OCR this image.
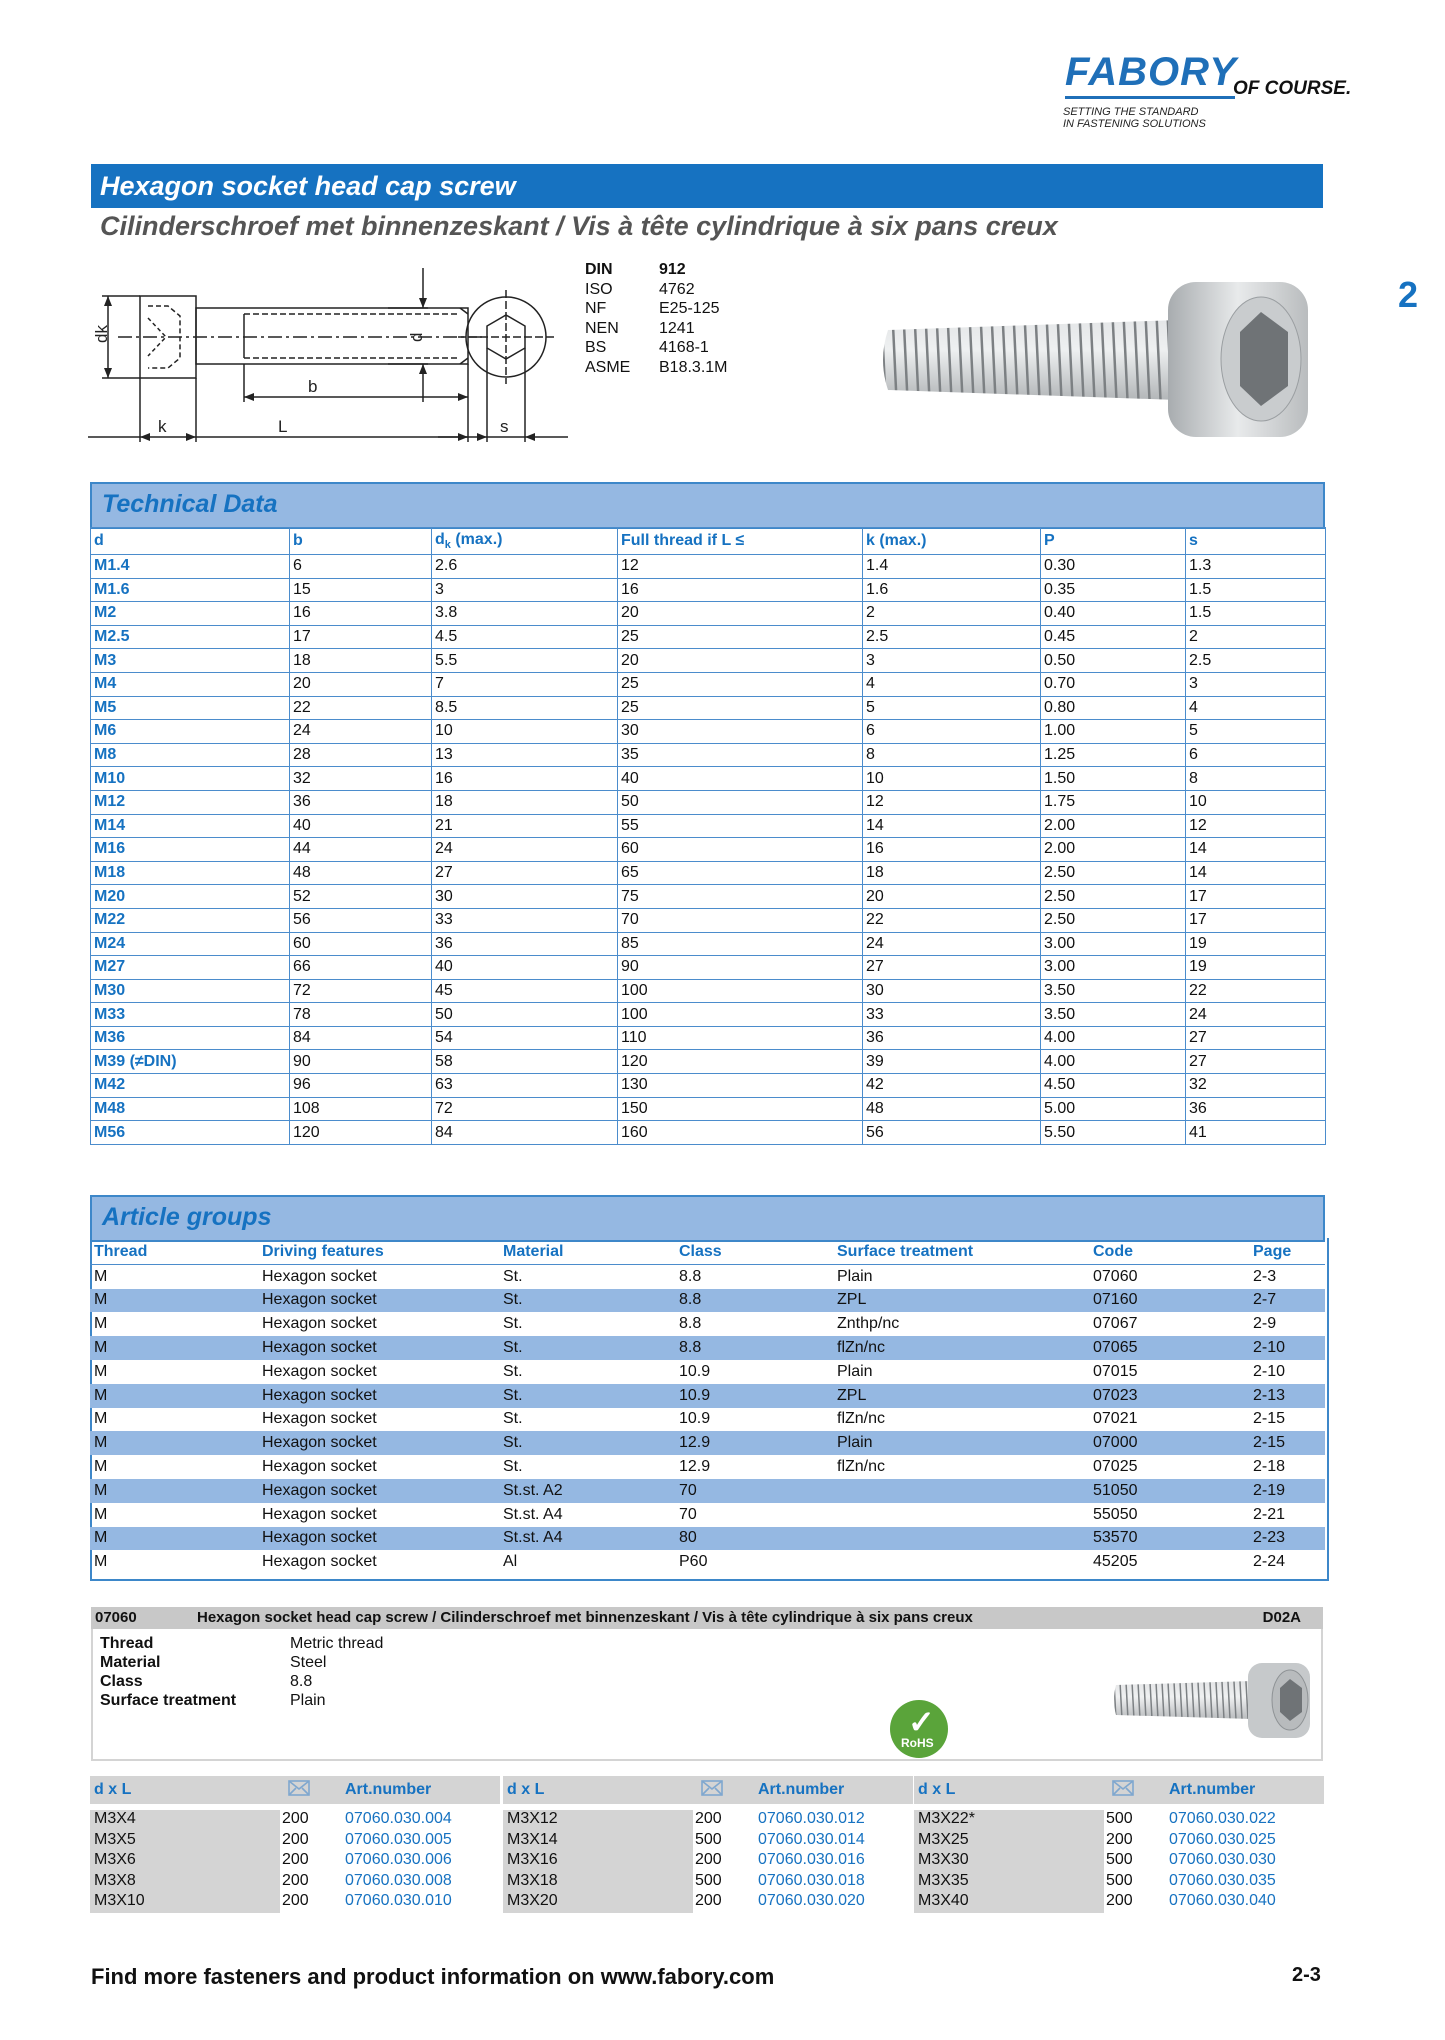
FABORY
OF COURSE.
SETTING THE STANDARD
IN FASTENING SOLUTIONS
Hexagon socket head cap screw
Cilinderschroef met binnenzeskant / Vis à tête cylindrique à six pans creux
2
dk	d
b
k	L	s
DIN	912
ISO	4762
NF	E25-125
NEN	1241
BS	4168-1
ASME	B18.3.1M
Technical Data
d	b	$d_k$ (max.)	Full thread if L ≤	k (max.)	P	s
M1.4	6	2.6	12	1.4	0.30	1.3
M1.6	15	3	16	1.6	0.35	1.5
M2	16	3.8	20	2	0.40	1.5
M2.5	17	4.5	25	2.5	0.45	2
M3	18	5.5	20	3	0.50	2.5
M4	20	7	25	4	0.70	3
M5	22	8.5	25	5	0.80	4
M6	24	10	30	6	1.00	5
M8	28	13	35	8	1.25	6
M10	32	16	40	10	1.50	8
M12	36	18	50	12	1.75	10
M14	40	21	55	14	2.00	12
M16	44	24	60	16	2.00	14
M18	48	27	65	18	2.50	14
M20	52	30	75	20	2.50	17
M22	56	33	70	22	2.50	17
M24	60	36	85	24	3.00	19
M27	66	40	90	27	3.00	19
M30	72	45	100	30	3.50	22
M33	78	50	100	33	3.50	24
M36	84	54	110	36	4.00	27
M39 (≠DIN)	90	58	120	39	4.00	27
M42	96	63	130	42	4.50	32
M48	108	72	150	48	5.00	36
M56	120	84	160	56	5.50	41
Article groups
Thread	Driving features	Material	Class	Surface treatment	Code	Page
M	Hexagon socket	St.	8.8	Plain	07060	2-3
M	Hexagon socket	St.	8.8	ZPL	07160	2-7
M	Hexagon socket	St.	8.8	Znthp/nc	07067	2-9
M	Hexagon socket	St.	8.8	flZn/nc	07065	2-10
M	Hexagon socket	St.	10.9	Plain	07015	2-10
M	Hexagon socket	St.	10.9	ZPL	07023	2-13
M	Hexagon socket	St.	10.9	flZn/nc	07021	2-15
M	Hexagon socket	St.	12.9	Plain	07000	2-15
M	Hexagon socket	St.	12.9	flZn/nc	07025	2-18
M	Hexagon socket	St.st. A2	70		51050	2-19
M	Hexagon socket	St.st. A4	70		55050	2-21
M	Hexagon socket	St.st. A4	80		53570	2-23
M	Hexagon socket	Al	P60		45205	2-24
07060	Hexagon socket head cap screw / Cilinderschroef met binnenzeskant / Vis à tête cylindrique à six pans creux	D02A
Thread	Metric thread
Material	Steel
Class	8.8
Surface treatment	Plain
✓
RoHS
d x L	Art.number
M3X4	200 07060.030.004
M3X5	200 07060.030.005
M3X6	200 07060.030.006
M3X8	200 07060.030.008
M3X10	200 07060.030.010
d x L	Art.number
M3X12	200 07060.030.012
M3X14	500 07060.030.014
M3X16	200 07060.030.016
M3X18	500 07060.030.018
M3X20	200 07060.030.020
d x L	Art.number
M3X22*	500 07060.030.022
M3X25	200 07060.030.025
M3X30	500 07060.030.030
M3X35	500 07060.030.035
M3X40	200 07060.030.040
Find more fasteners and product information on www.fabory.com	2-3
